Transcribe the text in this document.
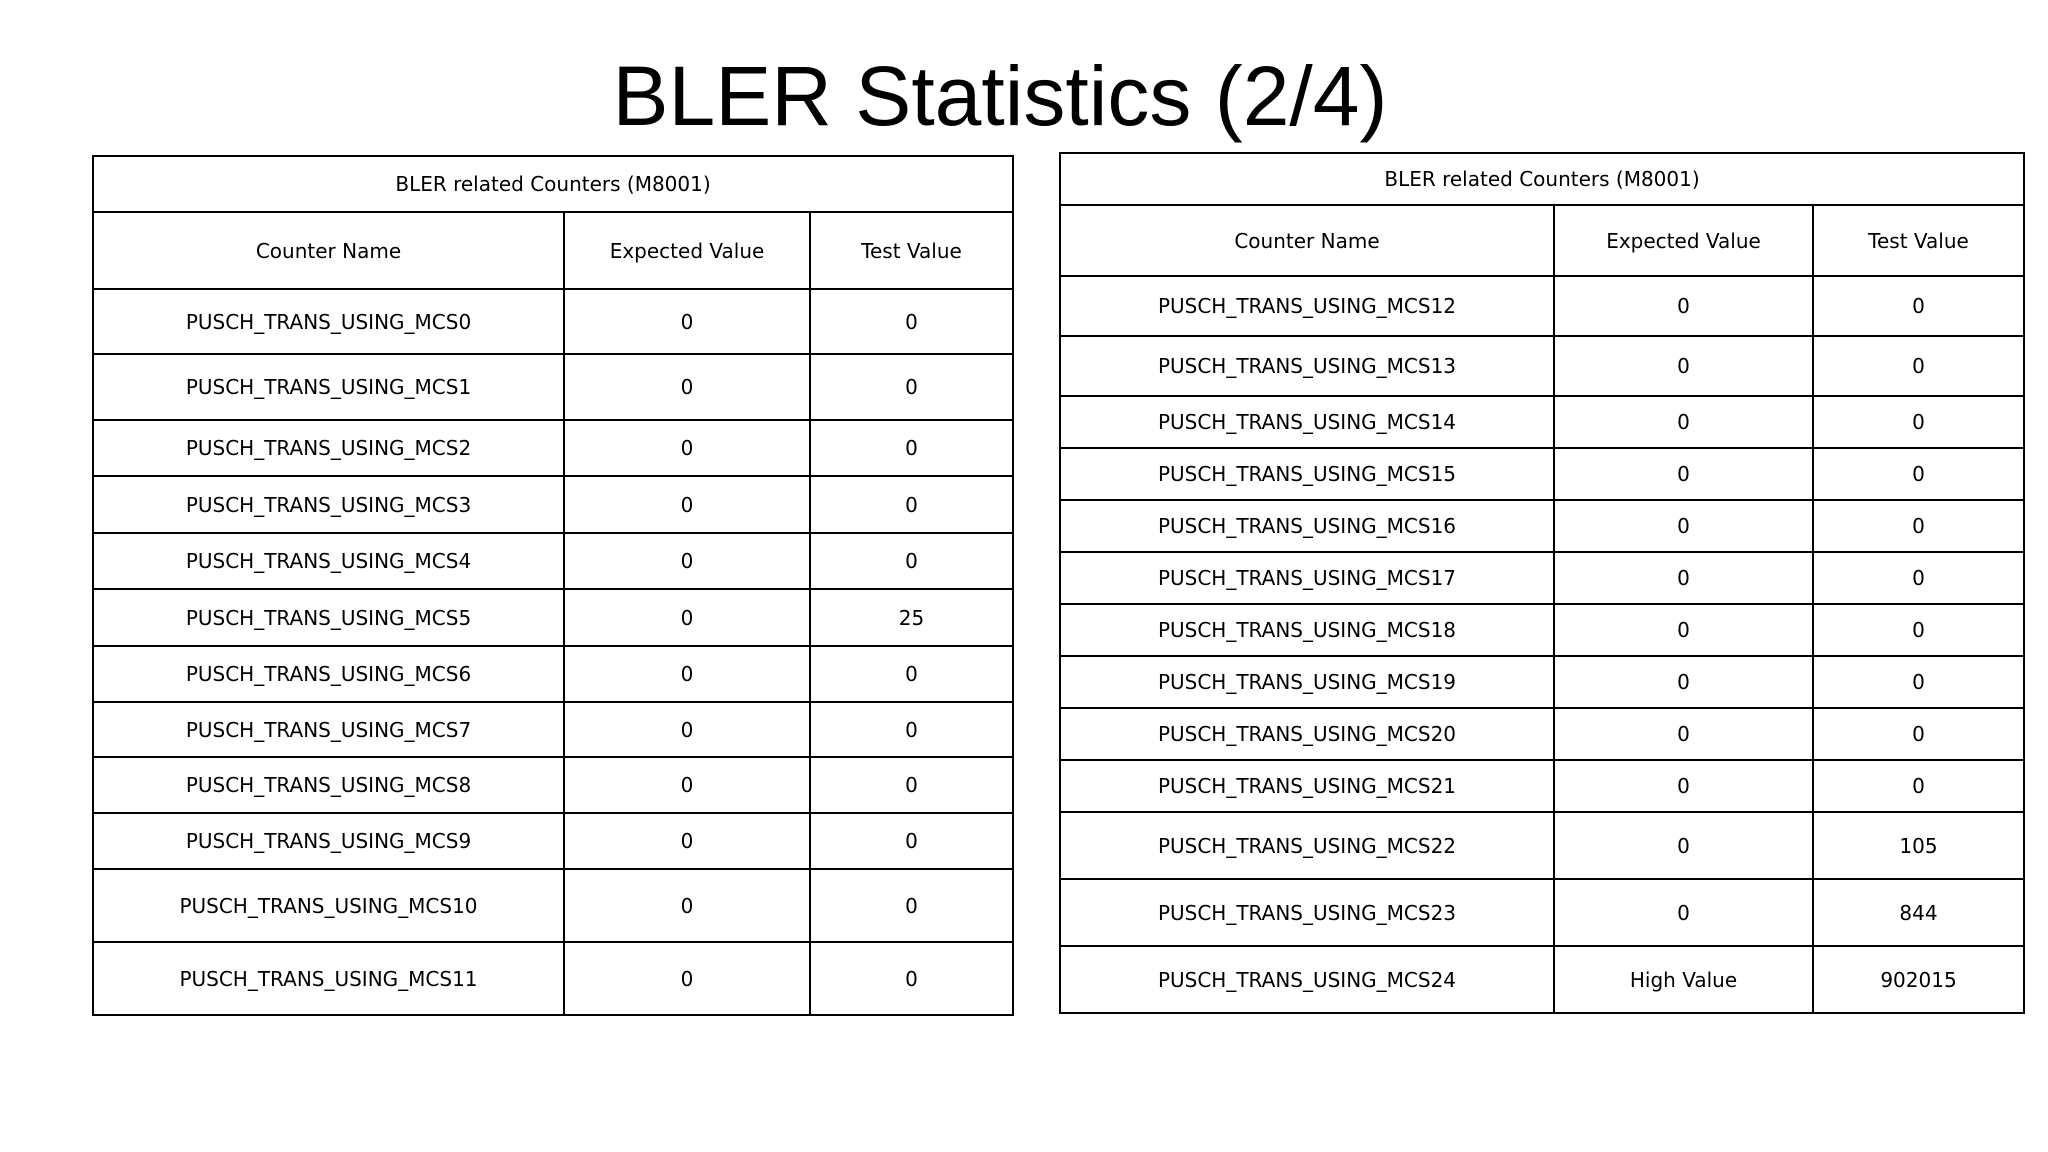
BLER Statistics (2/4)
BLER related Counters (M8001)		
Counter Name	Expected Value	Test Value
PUSCH_TRANS_USING_MCS0	0	0
PUSCH_TRANS_USING_MCS1	0	0
PUSCH_TRANS_USING_MCS2	0	0
PUSCH_TRANS_USING_MCS3	0	0
PUSCH_TRANS_USING_MCS4	0	0
PUSCH_TRANS_USING_MCS5	0	25
PUSCH_TRANS_USING_MCS6	0	0
PUSCH_TRANS_USING_MCS7	0	0
PUSCH_TRANS_USING_MCS8	0	0
PUSCH_TRANS_USING_MCS9	0	0
PUSCH_TRANS_USING_MCS10	0	0
PUSCH_TRANS_USING_MCS11	0	0
BLER related Counters (M8001)		
Counter Name	Expected Value	Test Value
PUSCH_TRANS_USING_MCS12	0	0
PUSCH_TRANS_USING_MCS13	0	0
PUSCH_TRANS_USING_MCS14	0	0
PUSCH_TRANS_USING_MCS15	0	0
PUSCH_TRANS_USING_MCS16	0	0
PUSCH_TRANS_USING_MCS17	0	0
PUSCH_TRANS_USING_MCS18	0	0
PUSCH_TRANS_USING_MCS19	0	0
PUSCH_TRANS_USING_MCS20	0	0
PUSCH_TRANS_USING_MCS21	0	0
PUSCH_TRANS_USING_MCS22	0	105
PUSCH_TRANS_USING_MCS23	0	844
PUSCH_TRANS_USING_MCS24	High Value	902015
